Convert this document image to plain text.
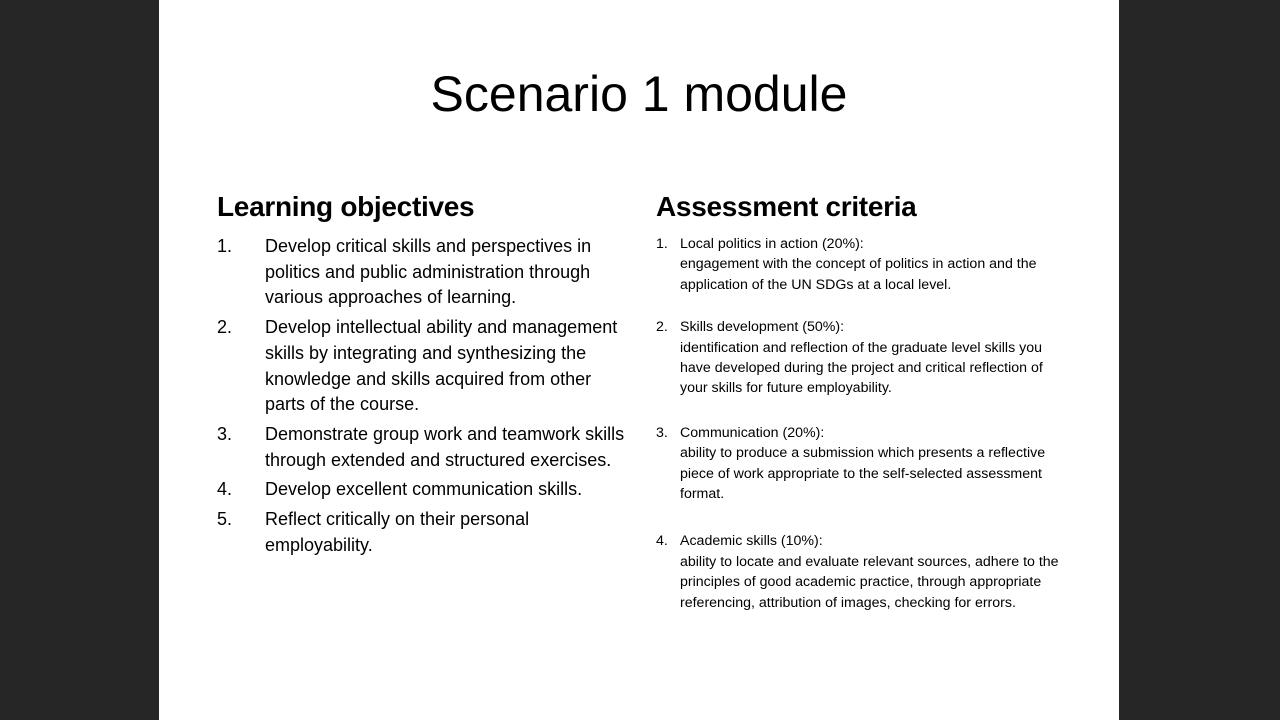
Scenario 1 module
Learning objectives
1.	Develop critical skills and perspectives in politics and public administration through various approaches of learning.
2.	Develop intellectual ability and management skills by integrating and synthesizing the knowledge and skills acquired from other parts of the course.
3.	Demonstrate group work and teamwork skills through extended and structured exercises.
4.	Develop excellent communication skills.
5.	Reflect critically on their personal employability.
Assessment criteria
1. Local politics in action (20%):
engagement with the concept of politics in action and the application of the UN SDGs at a local level.
2. Skills development (50%):
identification and reflection of the graduate level skills you have developed during the project and critical reflection of your skills for future employability.
3. Communication (20%):
ability to produce a submission which presents a reflective piece of work appropriate to the self-selected assessment format.
4. Academic skills (10%):
ability to locate and evaluate relevant sources, adhere to the principles of good academic practice, through appropriate referencing, attribution of images, checking for errors.
